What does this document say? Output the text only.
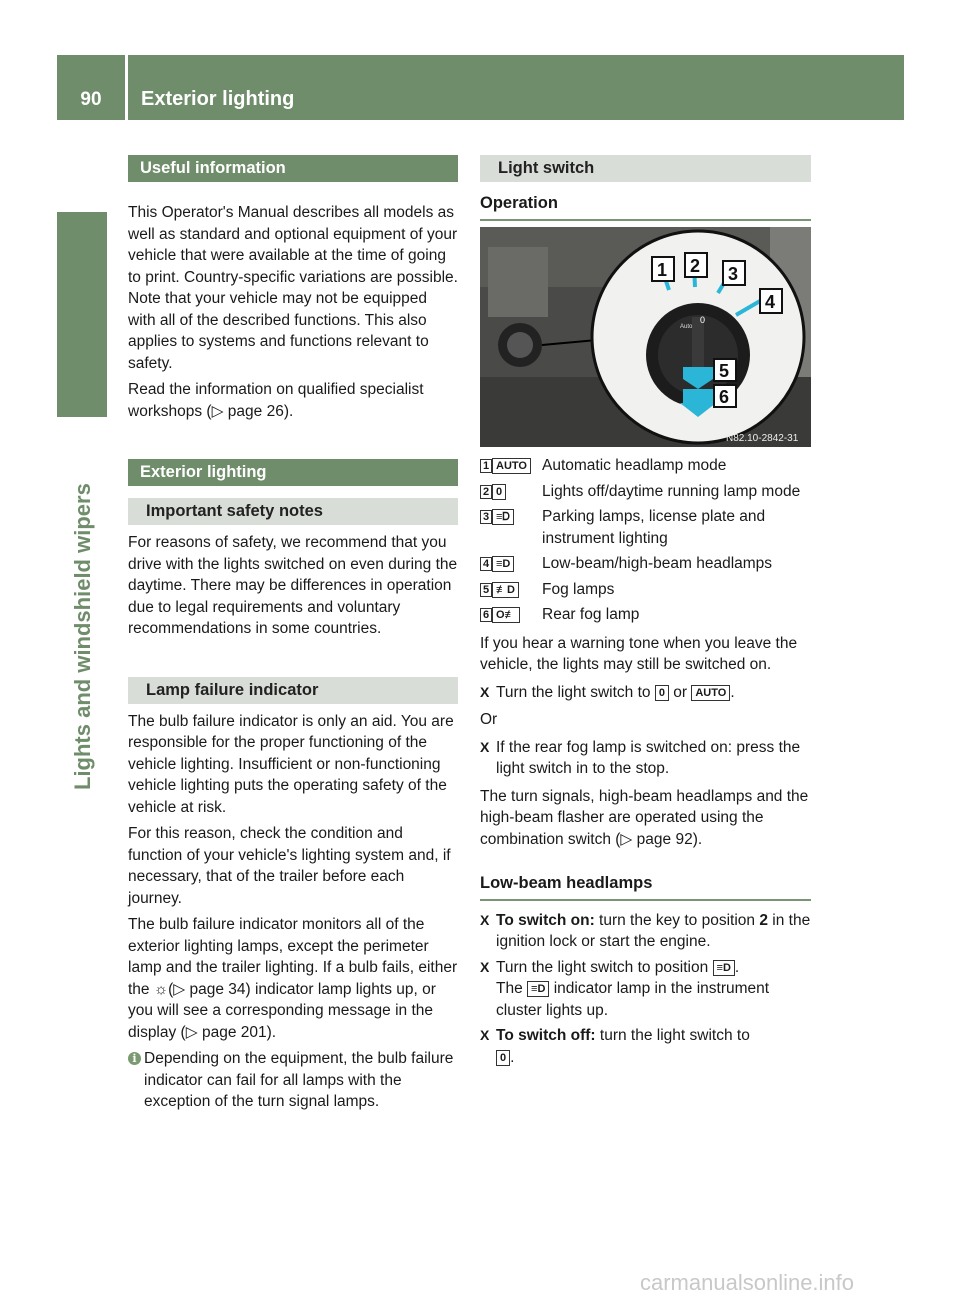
90	Exterior lighting
Lights and windshield wipers
Useful information

This Operator's Manual describes all models as well as standard and optional equipment of your vehicle that were available at the time of going to print. Country-specific variations are possible. Note that your vehicle may not be equipped with all of the described functions. This also applies to systems and functions relevant to safety.

Read the information on qualified specialist workshops (▷ page 26).

Exterior lighting
Important safety notes

For reasons of safety, we recommend that you drive with the lights switched on even during the daytime. There may be differences in operation due to legal requirements and voluntary recommendations in some countries.

Lamp failure indicator

The bulb failure indicator is only an aid. You are responsible for the proper functioning of the vehicle lighting. Insufficient or non-functioning vehicle lighting puts the operating safety of the vehicle at risk.

For this reason, check the condition and function of your vehicle's lighting system and, if necessary, that of the trailer before each journey.

The bulb failure indicator monitors all of the exterior lighting lamps, except the perimeter lamp and the trailer lighting. If a bulb fails, either the ☼(▷ page 34) indicator lamp lights up, or you will see a corresponding message in the display (▷ page 201).

i Depending on the equipment, the bulb failure indicator can fail for all lamps with the exception of the turn signal lamps.

Light switch
Operation
Auto
0
1 2 3
4
5
6
N82.10-2842-31
1 AUTO Automatic headlamp mode
2 0	Lights off/daytime running lamp mode
3 ≡Ꭰ	Parking lamps, license plate and instrument lighting
4 ≡D	Low-beam/high-beam headlamps
5 ≢D	Fog lamps
6 O≢	Rear fog lamp

If you hear a warning tone when you leave the vehicle, the lights may still be switched on.

X Turn the light switch to 0 or AUTO .

Or

X If the rear fog lamp is switched on: press the light switch in to the stop.

The turn signals, high-beam headlamps and the high-beam flasher are operated using the combination switch (▷ page 92).

Low-beam headlamps

X To switch on: turn the key to position 2 in the ignition lock or start the engine.

X Turn the light switch to position ≡D .
The ≡D indicator lamp in the instrument cluster lights up.

X To switch off: turn the light switch to
0 .

carmanualsonline.info
